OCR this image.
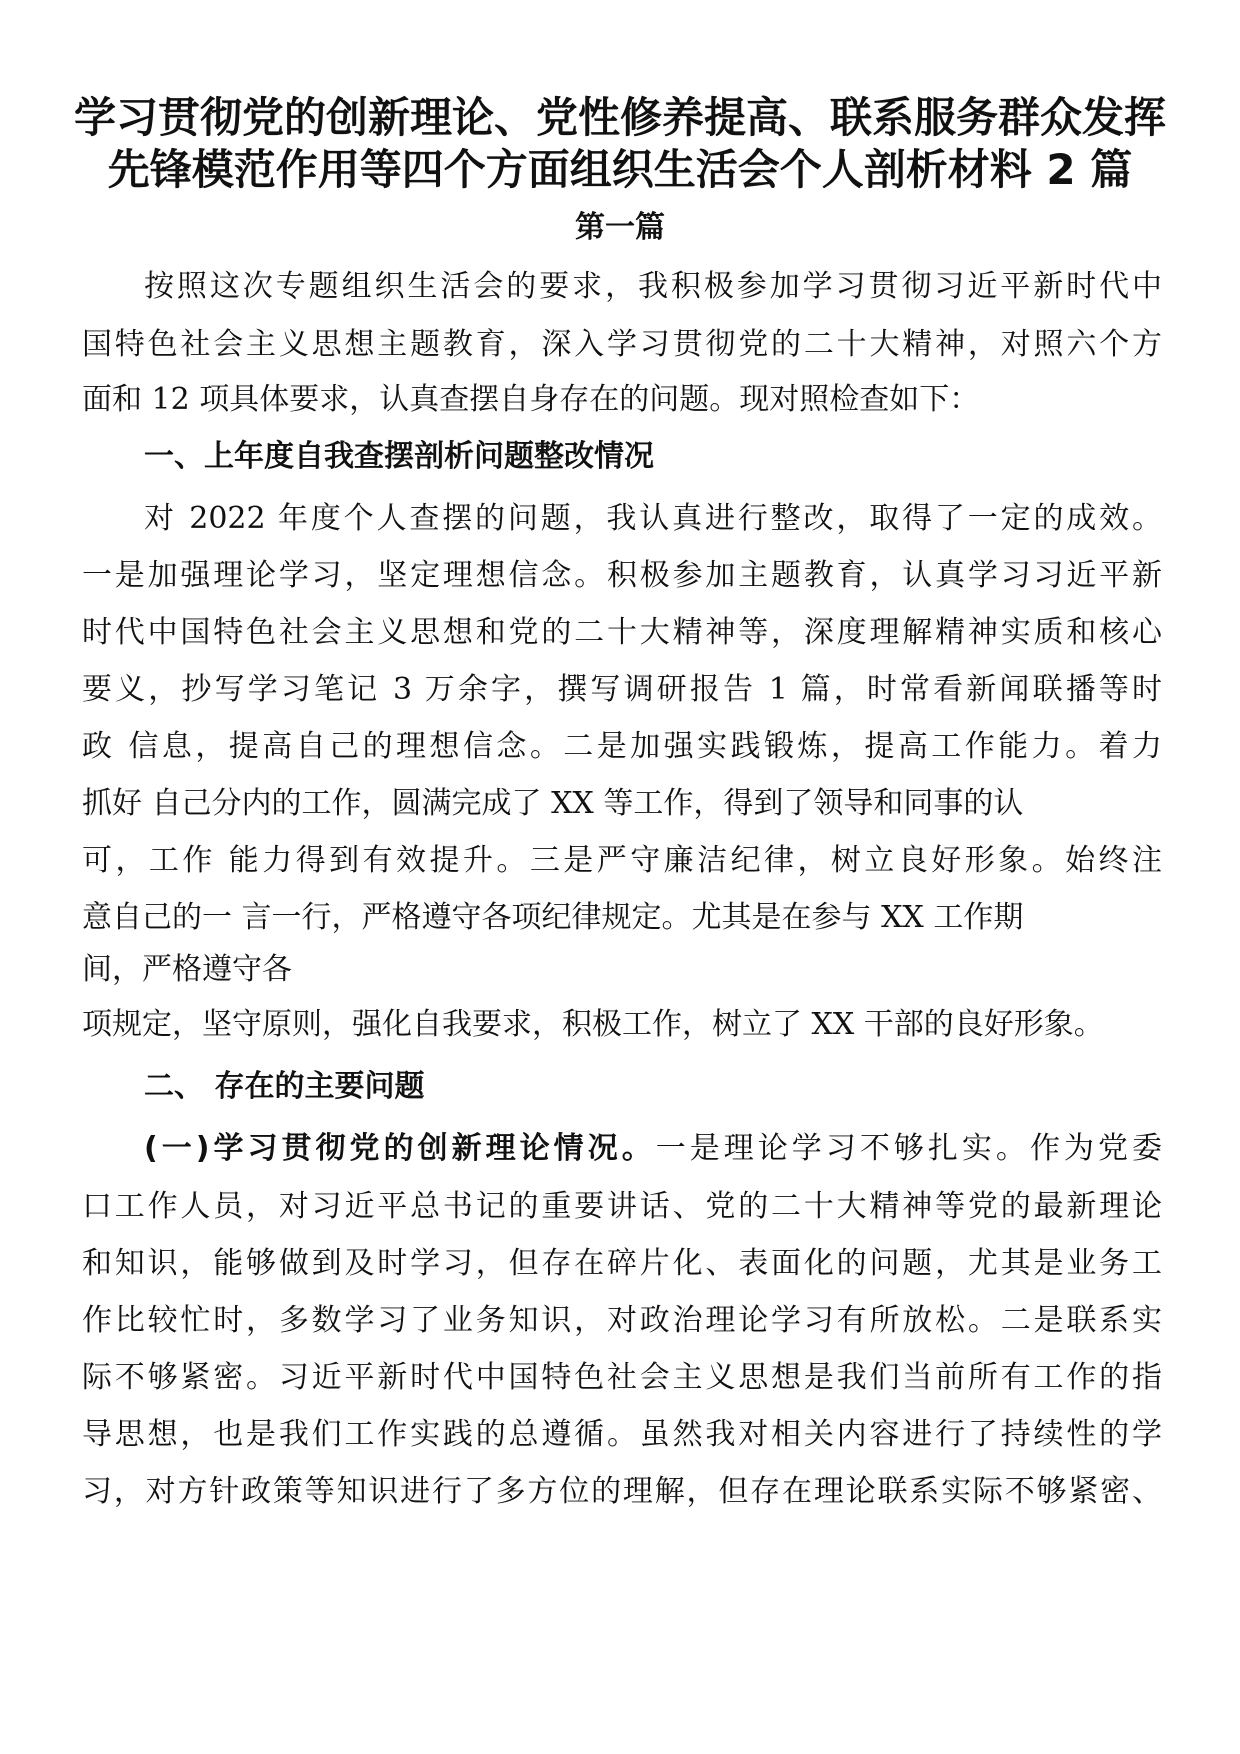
学习贯彻党的创新理论、党性修养提高、联系服务群众发挥
先锋模范作用等四个方面组织生活会个人剖析材料 2 篇
第一篇
按照这次专题组织生活会的要求，我积极参加学习贯彻习近平新时代中
国特色社会主义思想主题教育，深入学习贯彻党的二十大精神，对照六个方
面和 12 项具体要求，认真查摆自身存在的问题。现对照检查如下：
一、上年度自我查摆剖析问题整改情况
对 2022 年度个人查摆的问题，我认真进行整改，取得了一定的成效。
一是加强理论学习，坚定理想信念。积极参加主题教育，认真学习习近平新
时代中国特色社会主义思想和党的二十大精神等，深度理解精神实质和核心
要义，抄写学习笔记 3 万余字，撰写调研报告 1 篇，时常看新闻联播等时
政 信息，提高自己的理想信念。二是加强实践锻炼，提高工作能力。着力
抓好 自己分内的工作，圆满完成了 XX 等工作，得到了领导和同事的认
可，工作 能力得到有效提升。三是严守廉洁纪律，树立良好形象。始终注
意自己的一 言一行，严格遵守各项纪律规定。尤其是在参与 XX 工作期
间，严格遵守各
项规定，坚守原则，强化自我要求，积极工作，树立了 XX 干部的良好形象。
二、 存在的主要问题
(一)学习贯彻党的创新理论情况。一是理论学习不够扎实。作为党委
口工作人员，对习近平总书记的重要讲话、党的二十大精神等党的最新理论
和知识，能够做到及时学习，但存在碎片化、表面化的问题，尤其是业务工
作比较忙时，多数学习了业务知识，对政治理论学习有所放松。二是联系实
际不够紧密。习近平新时代中国特色社会主义思想是我们当前所有工作的指
导思想，也是我们工作实践的总遵循。虽然我对相关内容进行了持续性的学
习，对方针政策等知识进行了多方位的理解，但存在理论联系实际不够紧密、
